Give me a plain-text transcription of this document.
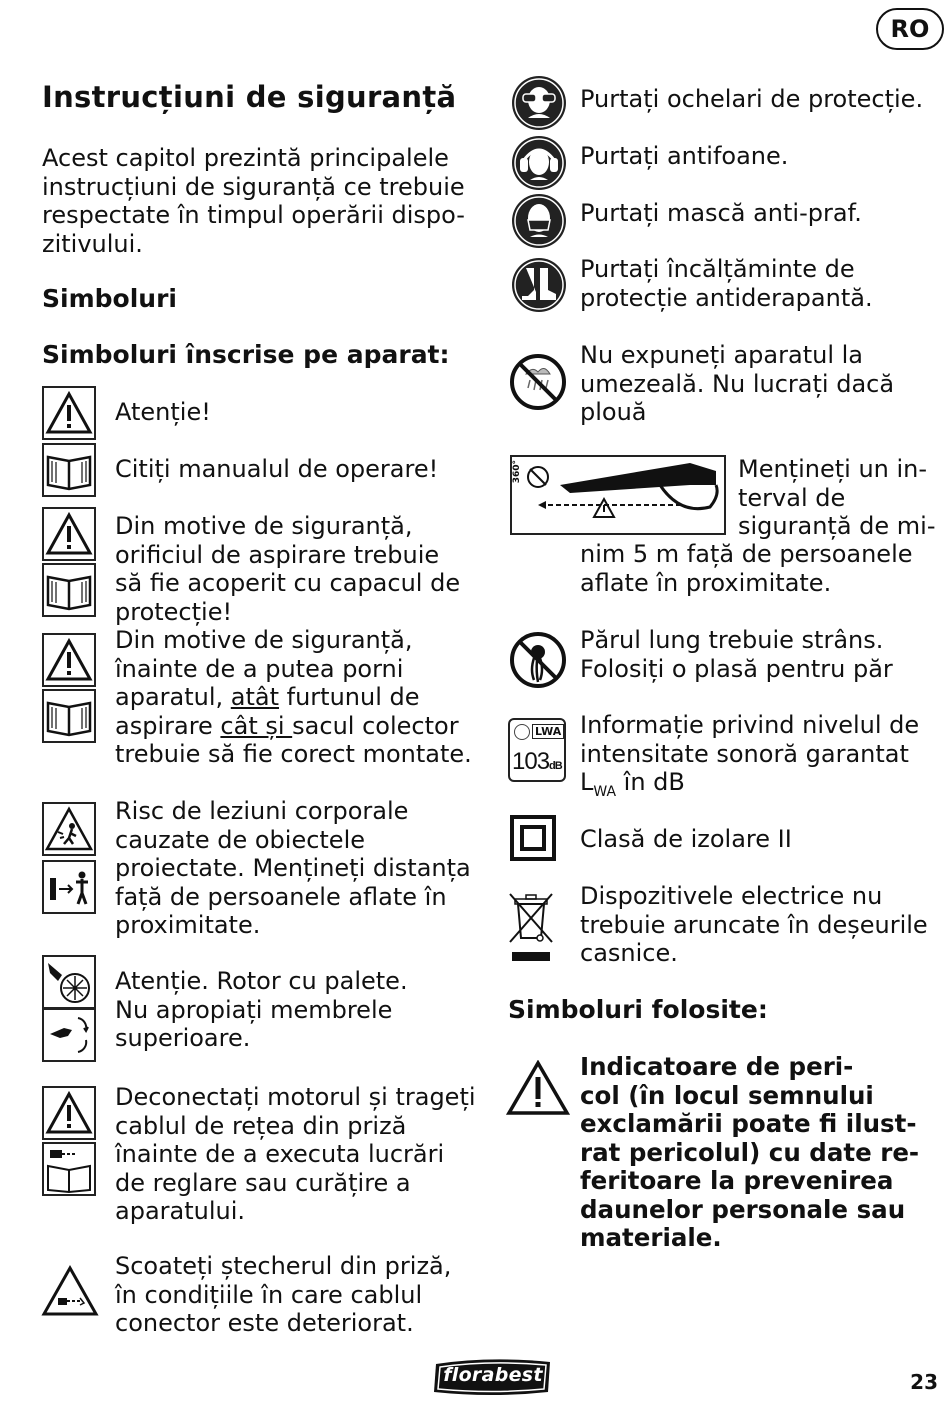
RO
Instrucțiuni de siguranță
Acest capitol prezintă principalele
instrucțiuni de siguranță ce trebuie
respectate în timpul operării dispo-
zitivului.
Simboluri
Simboluri înscrise pe aparat:
Atenție!
Citiți manualul de operare!
Din motive de siguranță,
orificiul de aspirare trebuie
să fie acoperit cu capacul de
protecție!
Din motive de siguranță,
înainte de a putea porni
aparatul, atât furtunul de
aspirare cât și sacul colector
trebuie să fie corect montate.
Risc de leziuni corporale
cauzate de obiectele
proiectate. Mențineți distanța
față de persoanele aflate în
proximitate.
Atenție. Rotor cu palete.
Nu apropiați membrele
superioare.
Deconectați motorul și trageți
cablul de rețea din priză
înainte de a executa lucrări
de reglare sau curățire a
aparatului.
Scoateți ștecherul din priză,
în condițiile în care cablul
conector este deteriorat.
Purtați ochelari de protecție.
Purtați antifoane.
Purtați mască anti-praf.
Purtați încălțăminte de
protecție antiderapantă.
Nu expuneți aparatul la
umezeală. Nu lucrați dacă
plouă
360°	Mențineți un in-
terval de
siguranță de mi-
nim 5 m față de persoanele
aflate în proximitate.
Părul lung trebuie strâns.
Folosiți o plasă pentru păr
LWA
103dB
Informație privind nivelul de
intensitate sonoră garantat
$L_{WA}$ în dB
Clasă de izolare II
Dispozitivele electrice nu
trebuie aruncate în deșeurile
casnice.
Simboluri folosite:
Indicatoare de peri-
col (în locul semnului
exclamării poate fi ilust-
rat pericolul) cu date re-
feritoare la prevenirea
daunelor personale sau
materiale.
florabest	23
